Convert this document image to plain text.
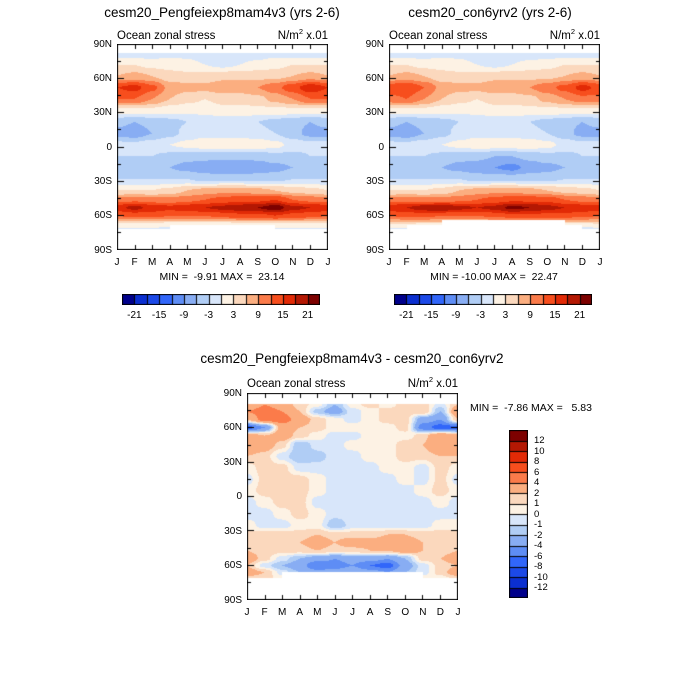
cesm20_Pengfeiexp8mam4v3 (yrs 2-6)	cesm20_con6yrv2 (yrs 2-6)
cesm20_Pengfeiexp8mam4v3 - cesm20_con6yrv2
Ocean zonal stress	$N/m^2$ x.01	Ocean zonal stress	$N/m^2$ x.01
Ocean zonal stress	$N/m^2$ x.01
MIN =  -9.91 MAX =  23.14	MIN = -10.00 MAX =  22.47
MIN =  -7.86 MAX =   5.83
J	F	M	A	M	J	J	A	S	O	N	D	J
90N
60N
30N
0
30S
60S
90S
-21	-15	-9	-3	3	9	15	21
J	F	M	A	M	J	J	A	S	O	N	D	J
90N
60N
30N
0
30S
60S
90S
-21	-15	-9	-3	3	9	15	21
J	F	M	A	M	J	J	A	S	O	N	D	J
90N
60N
30N
0
30S
60S
90S
12
10
8
6
4
2
1
0
-1
-2
-4
-6
-8
-10
-12
